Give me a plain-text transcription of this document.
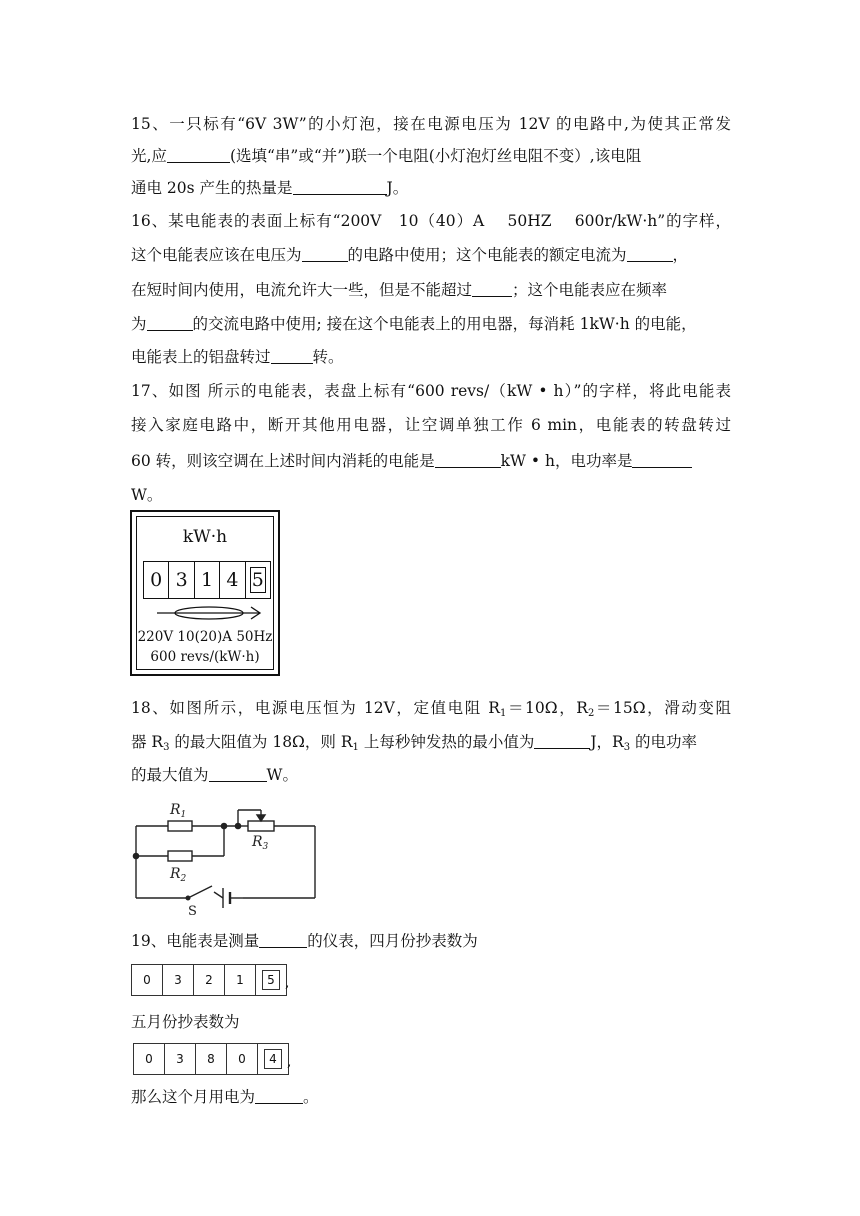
15、一只标有“6V 3W”的小灯泡，接在电源电压为 12V 的电路中,为使其正常发
光,应	(选填“串”或“并”)联一个电阻(小灯泡灯丝电阻不变）,该电阻
通电 20s 产生的热量是	J。
16、某电能表的表面上标有“200V　10（40）A　 50HZ　 600r/kW·h”的字样，
这个电能表应该在电压为	的电路中使用；这个电能表的额定电流为	，
在短时间内使用，电流允许大一些，但是不能超过	；这个电能表应在频率
为	的交流电路中使用; 接在这个电能表上的用电器，每消耗 1kW·h 的电能，
电能表上的铝盘转过	转。
17、如图 所示的电能表，表盘上标有“600 revs/（kW • h）”的字样，将此电能表
接入家庭电路中，断开其他用电器，让空调单独工作 6 min，电能表的转盘转过
60 转，则该空调在上述时间内消耗的电能是	kW • h，电功率是
W。
kW·h
0 3 1 4 5
220V 10(20)A 50Hz
600 revs/(kW·h)
18、如图所示，电源电压恒为 12V，定值电阻 $R_1=10\Omega$，$R_2=15\Omega$，滑动变阻
器 $R_3$ 的最大阻值为 18Ω，则 $R_1$ 上每秒钟发热的最小值为	J，$R_3$ 的电功率
的最大值为	W。
$R_1$
$R_2$
$R_3$
S
19、电能表是测量	的仪表，四月份抄表数为
0	3	2	1	5 ,
五月份抄表数为
0	3	8	0	4 ,
那么这个月用电为	。
